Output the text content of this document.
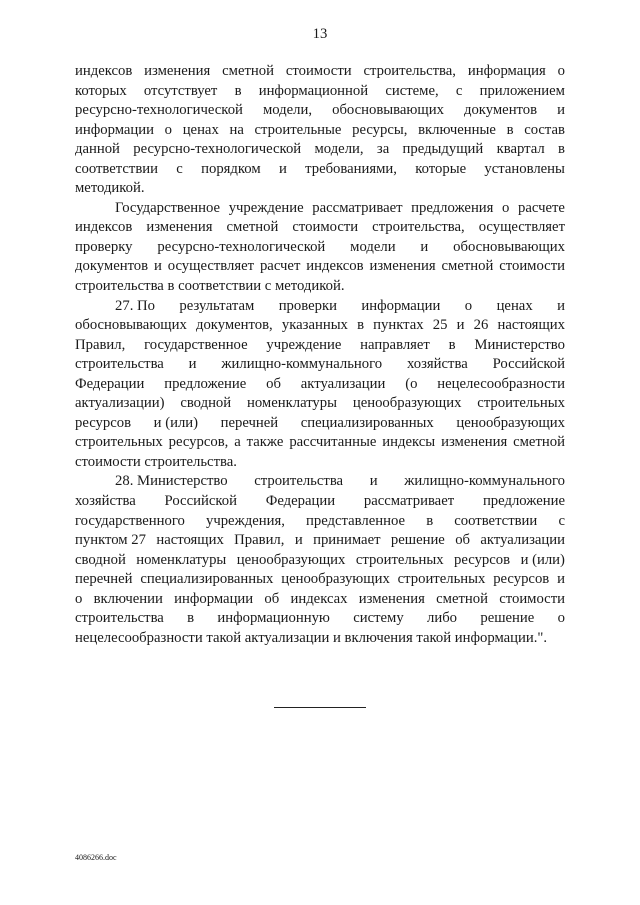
13
индексов изменения сметной стоимости строительства, информация о
которых отсутствует в информационной системе, с приложением
ресурсно-технологической модели, обосновывающих документов и
информации о ценах на строительные ресурсы, включенные в состав
данной ресурсно-технологической модели, за предыдущий квартал в
соответствии с порядком и требованиями, которые установлены
методикой.
Государственное учреждение рассматривает предложения о расчете
индексов изменения сметной стоимости строительства, осуществляет
проверку ресурсно-технологической модели и обосновывающих
документов и осуществляет расчет индексов изменения сметной стоимости
строительства в соответствии с методикой.
27. По результатам проверки информации о ценах и
обосновывающих документов, указанных в пунктах 25 и 26 настоящих
Правил, государственное учреждение направляет в Министерство
строительства и жилищно-коммунального хозяйства Российской
Федерации предложение об актуализации (о нецелесообразности
актуализации) сводной номенклатуры ценообразующих строительных
ресурсов и (или) перечней специализированных ценообразующих
строительных ресурсов, а также рассчитанные индексы изменения сметной
стоимости строительства.
28. Министерство строительства и жилищно-коммунального
хозяйства Российской Федерации рассматривает предложение
государственного учреждения, представленное в соответствии с
пунктом 27 настоящих Правил, и принимает решение об актуализации
сводной номенклатуры ценообразующих строительных ресурсов и (или)
перечней специализированных ценообразующих строительных ресурсов и
о включении информации об индексах изменения сметной стоимости
строительства в информационную систему либо решение о
нецелесообразности такой актуализации и включения такой информации.".
4086266.doc
